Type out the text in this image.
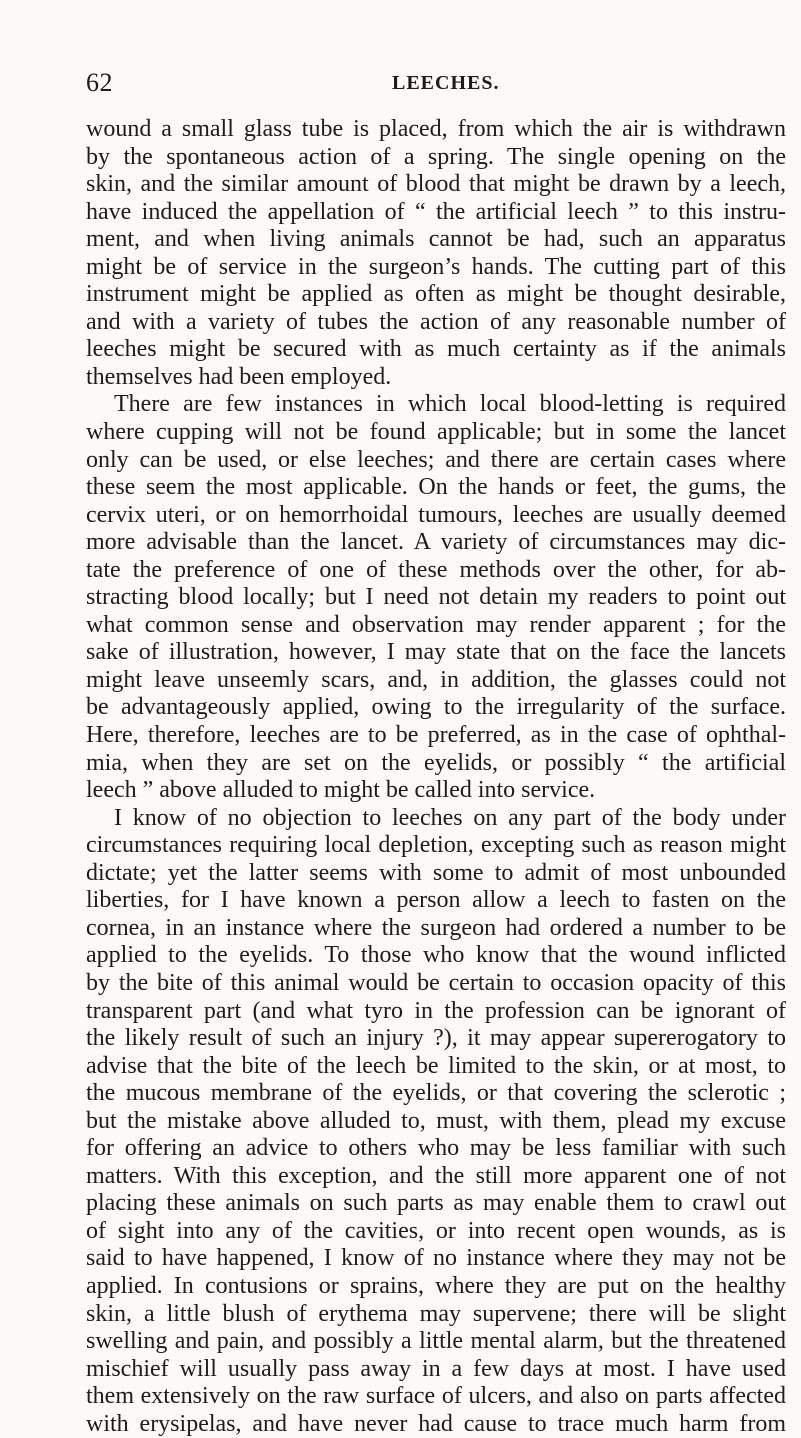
62	LEECHES.
wound a small glass tube is placed, from which the air is withdrawn
by the spontaneous action of a spring. The single opening on the
skin, and the similar amount of blood that might be drawn by a leech,
have induced the appellation of “ the artificial leech ” to this instru-
ment, and when living animals cannot be had, such an apparatus
might be of service in the surgeon’s hands. The cutting part of this
instrument might be applied as often as might be thought desirable,
and with a variety of tubes the action of any reasonable number of
leeches might be secured with as much certainty as if the animals
themselves had been employed.
There are few instances in which local blood-letting is required
where cupping will not be found applicable; but in some the lancet
only can be used, or else leeches; and there are certain cases where
these seem the most applicable. On the hands or feet, the gums, the
cervix uteri, or on hemorrhoidal tumours, leeches are usually deemed
more advisable than the lancet. A variety of circumstances may dic-
tate the preference of one of these methods over the other, for ab-
stracting blood locally; but I need not detain my readers to point out
what common sense and observation may render apparent ; for the
sake of illustration, however, I may state that on the face the lancets
might leave unseemly scars, and, in addition, the glasses could not
be advantageously applied, owing to the irregularity of the surface.
Here, therefore, leeches are to be preferred, as in the case of ophthal-
mia, when they are set on the eyelids, or possibly “ the artificial
leech ” above alluded to might be called into service.
I know of no objection to leeches on any part of the body under
circumstances requiring local depletion, excepting such as reason might
dictate; yet the latter seems with some to admit of most unbounded
liberties, for I have known a person allow a leech to fasten on the
cornea, in an instance where the surgeon had ordered a number to be
applied to the eyelids. To those who know that the wound inflicted
by the bite of this animal would be certain to occasion opacity of this
transparent part (and what tyro in the profession can be ignorant of
the likely result of such an injury ?), it may appear supererogatory to
advise that the bite of the leech be limited to the skin, or at most, to
the mucous membrane of the eyelids, or that covering the sclerotic ;
but the mistake above alluded to, must, with them, plead my excuse
for offering an advice to others who may be less familiar with such
matters. With this exception, and the still more apparent one of not
placing these animals on such parts as may enable them to crawl out
of sight into any of the cavities, or into recent open wounds, as is
said to have happened, I know of no instance where they may not be
applied. In contusions or sprains, where they are put on the healthy
skin, a little blush of erythema may supervene; there will be slight
swelling and pain, and possibly a little mental alarm, but the threatened
mischief will usually pass away in a few days at most. I have used
them extensively on the raw surface of ulcers, and also on parts affected
with erysipelas, and have never had cause to trace much harm from
